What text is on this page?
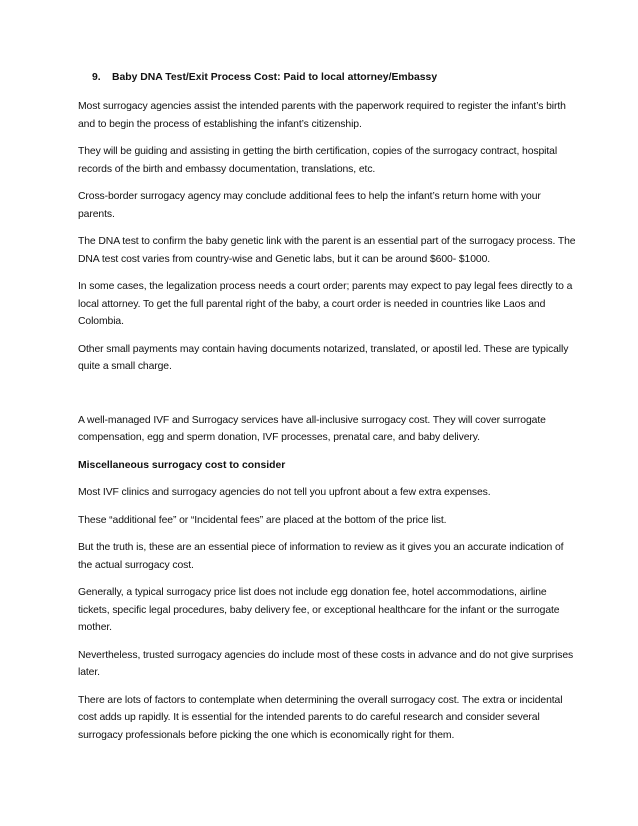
9.	Baby DNA Test/Exit Process Cost: Paid to local attorney/Embassy

Most surrogacy agencies assist the intended parents with the paperwork required to register the infant’s birth and to begin the process of establishing the infant’s citizenship.

They will be guiding and assisting in getting the birth certification, copies of the surrogacy contract, hospital records of the birth and embassy documentation, translations, etc.

Cross-border surrogacy agency may conclude additional fees to help the infant’s return home with your parents.

The DNA test to confirm the baby genetic link with the parent is an essential part of the surrogacy process. The DNA test cost varies from country-wise and Genetic labs, but it can be around $600- $1000.

In some cases, the legalization process needs a court order; parents may expect to pay legal fees directly to a local attorney. To get the full parental right of the baby, a court order is needed in countries like Laos and Colombia.

Other small payments may contain having documents notarized, translated, or apostil led. These are typically quite a small charge.

A well-managed IVF and Surrogacy services have all-inclusive surrogacy cost. They will cover surrogate compensation, egg and sperm donation, IVF processes, prenatal care, and baby delivery.

Miscellaneous surrogacy cost to consider

Most IVF clinics and surrogacy agencies do not tell you upfront about a few extra expenses.

These “additional fee” or “Incidental fees” are placed at the bottom of the price list.

But the truth is, these are an essential piece of information to review as it gives you an accurate indication of the actual surrogacy cost.

Generally, a typical surrogacy price list does not include egg donation fee, hotel accommodations, airline tickets, specific legal procedures, baby delivery fee, or exceptional healthcare for the infant or the surrogate mother.

Nevertheless, trusted surrogacy agencies do include most of these costs in advance and do not give surprises later.

There are lots of factors to contemplate when determining the overall surrogacy cost. The extra or incidental cost adds up rapidly. It is essential for the intended parents to do careful research and consider several surrogacy professionals before picking the one which is economically right for them.
